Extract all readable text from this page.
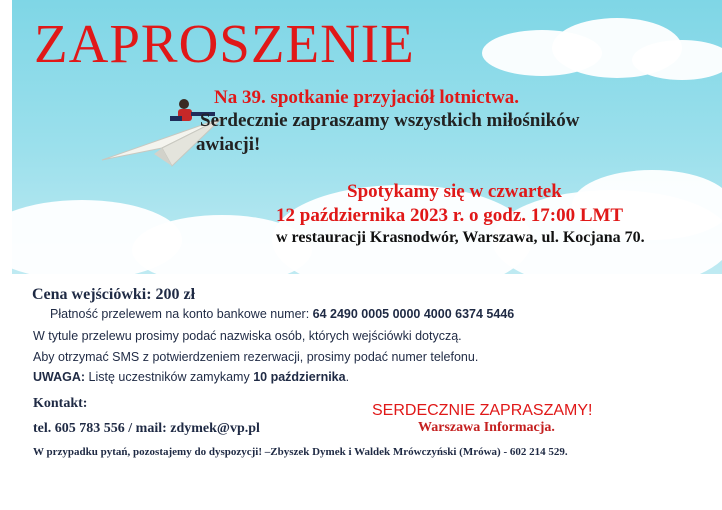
ZAPROSZENIE

Na 39. spotkanie przyjaciół lotnictwa.

Serdecznie zapraszamy wszystkich miłośników

awiacji!

Spotykamy się w czwartek

12 października 2023 r. o godz. 17:00 LMT

w restauracji Krasnodwór, Warszawa, ul. Kocjana 70.

Cena wejściówki: 200 zł

Płatność przelewem na konto bankowe numer: 64 2490 0005 0000 4000 6374 5446

W tytule przelewu prosimy podać nazwiska osób, których wejściówki dotyczą.

Aby otrzymać SMS z potwierdzeniem rezerwacji, prosimy podać numer telefonu.

UWAGA: Listę uczestników zamykamy 10 października.

Kontakt:

tel. 605 783 556 / mail: zdymek@vp.pl

SERDECZNIE ZAPRASZAMY!

Warszawa Informacja.

W przypadku pytań, pozostajemy do dyspozycji! –Zbyszek Dymek i Waldek Mrówczyński (Mrówa) - 602 214 529.
